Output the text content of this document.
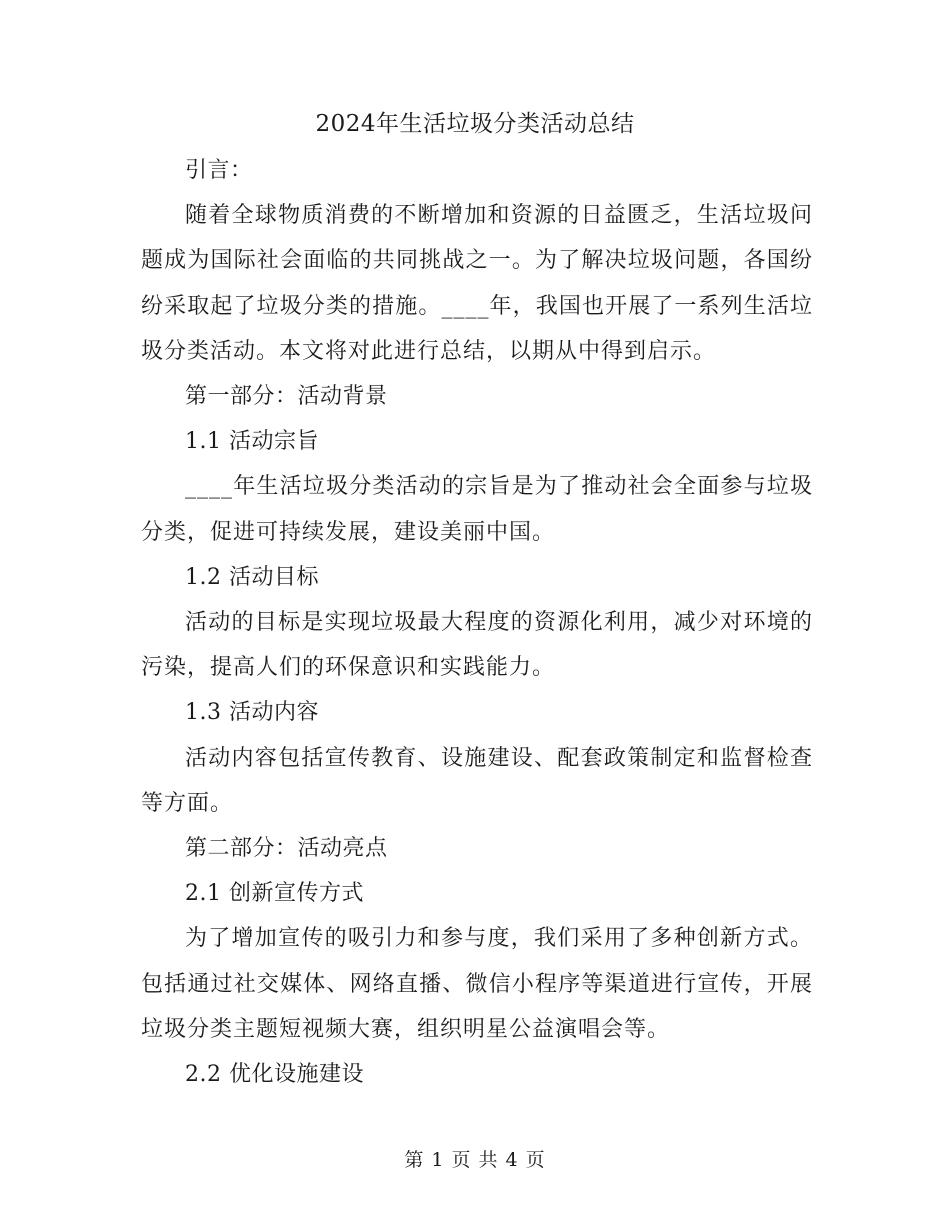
2024年生活垃圾分类活动总结

引言：

随着全球物质消费的不断增加和资源的日益匮乏，生活垃圾问题成为国际社会面临的共同挑战之一。为了解决垃圾问题，各国纷纷采取起了垃圾分类的措施。____年，我国也开展了一系列生活垃圾分类活动。本文将对此进行总结，以期从中得到启示。

第一部分：活动背景

1.1 活动宗旨

____年生活垃圾分类活动的宗旨是为了推动社会全面参与垃圾分类，促进可持续发展，建设美丽中国。

1.2 活动目标

活动的目标是实现垃圾最大程度的资源化利用，减少对环境的污染，提高人们的环保意识和实践能力。

1.3 活动内容

活动内容包括宣传教育、设施建设、配套政策制定和监督检查等方面。

第二部分：活动亮点

2.1 创新宣传方式

为了增加宣传的吸引力和参与度，我们采用了多种创新方式。包括通过社交媒体、网络直播、微信小程序等渠道进行宣传，开展垃圾分类主题短视频大赛，组织明星公益演唱会等。

2.2 优化设施建设

第 1 页 共 4 页
